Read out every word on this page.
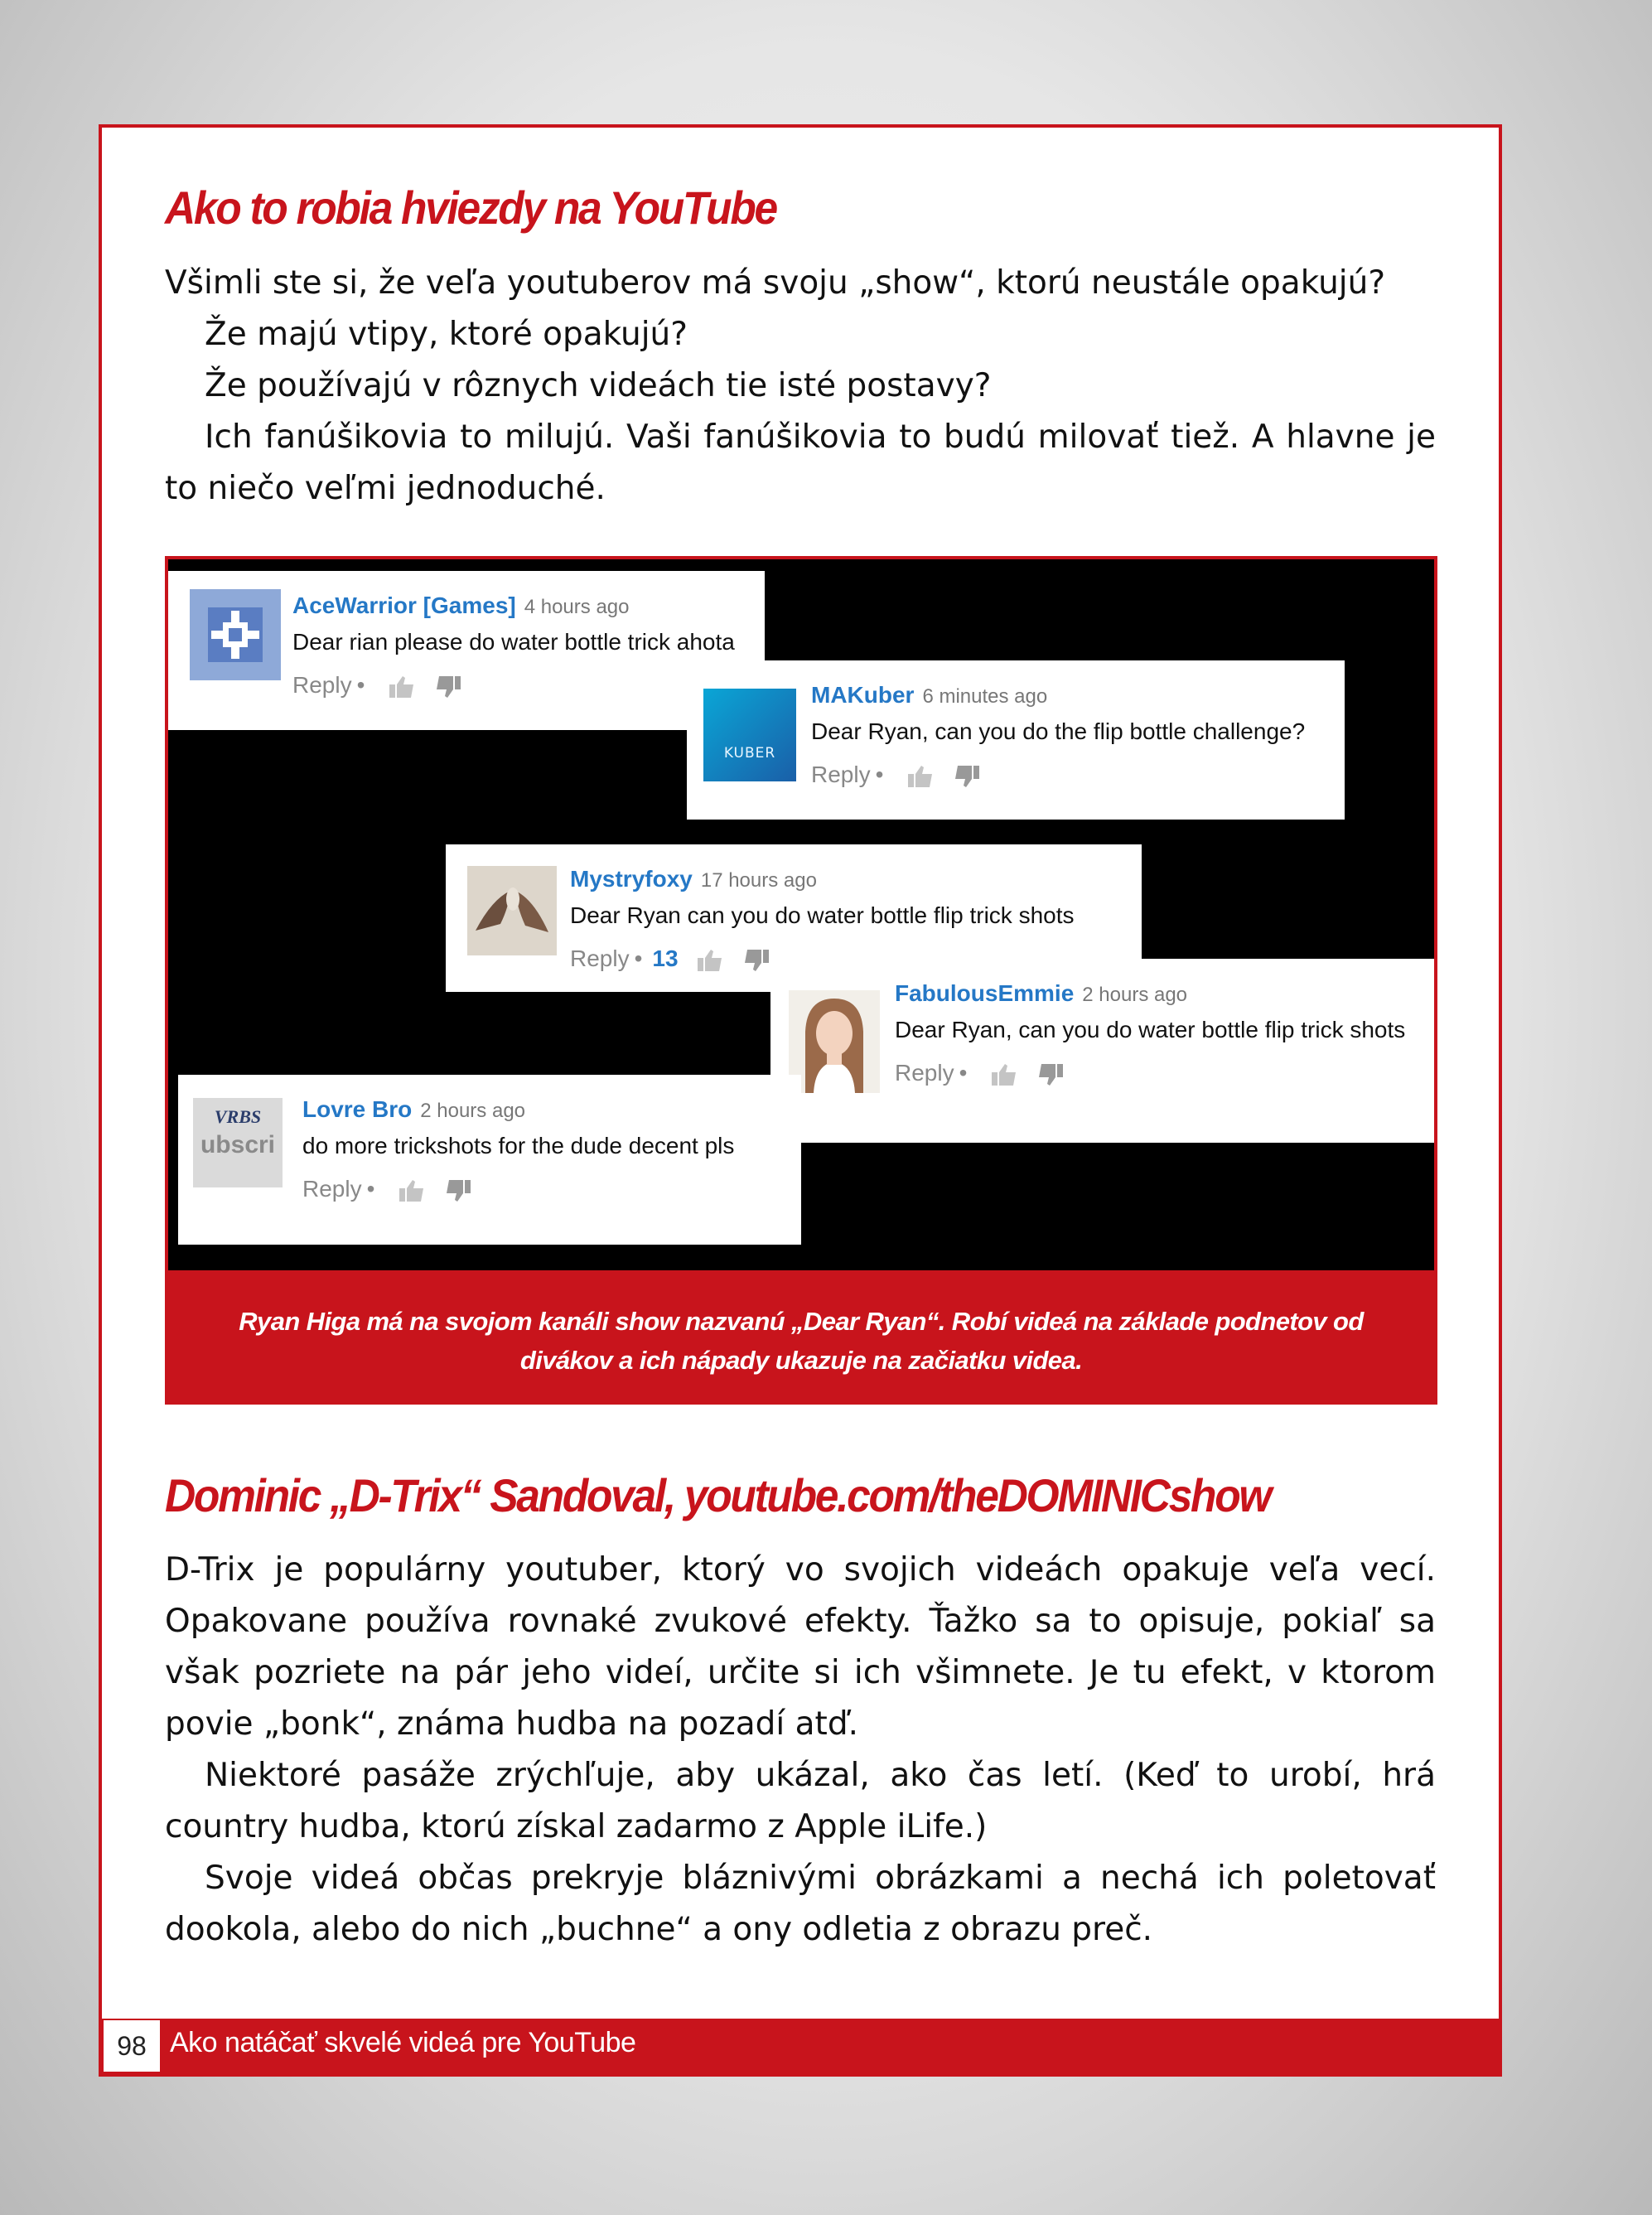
Ako to robia hviezdy na YouTube

Všimli ste si, že veľa youtuberov má svoju „show“, ktorú neustále opakujú?

Že majú vtipy, ktoré opakujú?

Že používajú v rôznych videách tie isté postavy?

Ich fanúšikovia to milujú. Vaši fanúšikovia to budú milovať tiež. A hlavne je to niečo veľmi jednoduché.

AceWarrior [Games] 4 hours ago
Dear rian please do water bottle trick ahota
Reply •
KUBER
MAKuber 6 minutes ago
Dear Ryan, can you do the flip bottle challenge?
Reply •
Mystryfoxy 17 hours ago
Dear Ryan can you do water bottle flip trick shots
Reply • 13
FabulousEmmie 2 hours ago
Dear Ryan, can you do water bottle flip trick shots
Reply •
VRBS
ubscri
Lovre Bro 2 hours ago
do more trickshots for the dude decent pls
Reply •
Ryan Higa má na svojom kanáli show nazvanú „Dear Ryan“. Robí videá na základe podnetov od divákov a ich nápady ukazuje na začiatku videa.
Dominic „D-Trix“ Sandoval, youtube.com/theDOMINICshow

D-Trix je populárny youtuber, ktorý vo svojich videách opakuje veľa vecí. Opakovane používa rovnaké zvukové efekty. Ťažko sa to opisuje, pokiaľ sa však pozriete na pár jeho videí, určite si ich všimnete. Je tu efekt, v ktorom povie „bonk“, známa hudba na pozadí atď.

Niektoré pasáže zrýchľuje, aby ukázal, ako čas letí. (Keď to urobí, hrá country hudba, ktorú získal zadarmo z Apple iLife.)

Svoje videá občas prekryje bláznivými obrázkami a nechá ich poletovať dookola, alebo do nich „buchne“ a ony odletia z obrazu preč.

98 Ako natáčať skvelé videá pre YouTube
